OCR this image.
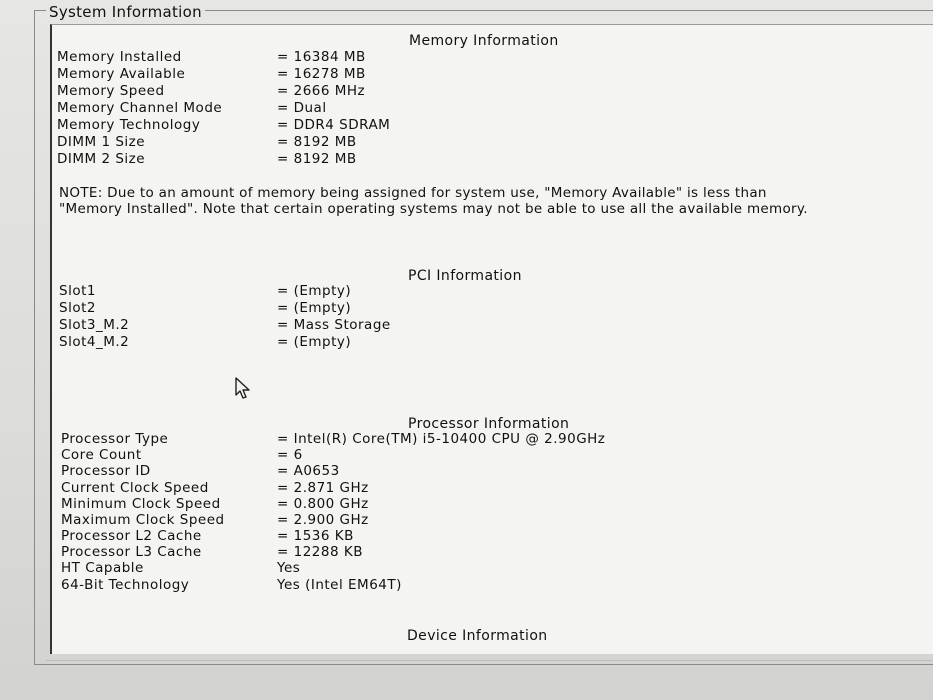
System Information
Memory Information
Memory Installed	= 16384 MB
Memory Available	= 16278 MB
Memory Speed	= 2666 MHz
Memory Channel Mode	= Dual
Memory Technology	= DDR4 SDRAM
DIMM 1 Size	= 8192 MB
DIMM 2 Size	= 8192 MB
NOTE: Due to an amount of memory being assigned for system use, "Memory Available" is less than "Memory Installed". Note that certain operating systems may not be able to use all the available memory.
PCI Information
Slot1	= (Empty)
Slot2	= (Empty)
Slot3_M.2	= Mass Storage
Slot4_M.2	= (Empty)
Processor Information
Processor Type	= Intel(R) Core(TM) i5-10400 CPU @ 2.90GHz
Core Count	= 6
Processor ID	= A0653
Current Clock Speed	= 2.871 GHz
Minimum Clock Speed	= 0.800 GHz
Maximum Clock Speed	= 2.900 GHz
Processor L2 Cache	= 1536 KB
Processor L3 Cache	= 12288 KB
HT Capable	Yes
64-Bit Technology	Yes (Intel EM64T)
Device Information
